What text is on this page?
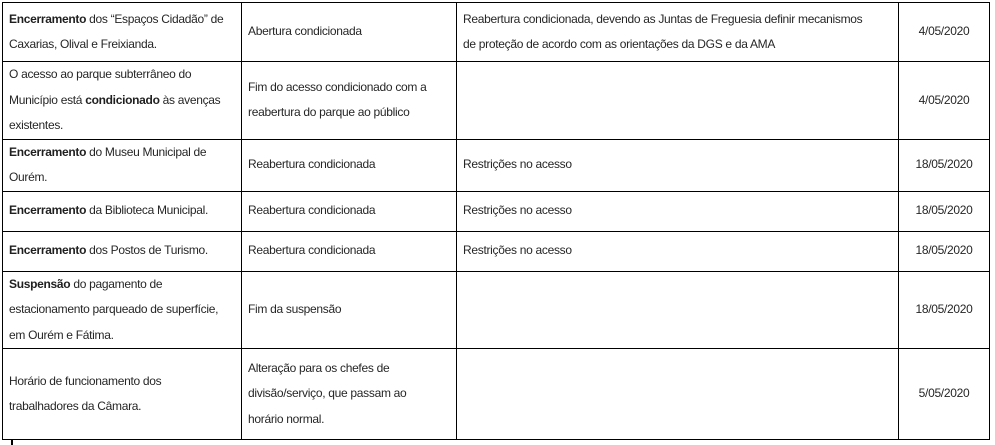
Encerramento dos “Espaços Cidadão” de
Caxarias, Olival e Freixianda.	Abertura condicionada	Reabertura condicionada, devendo as Juntas de Freguesia definir mecanismos
de proteção de acordo com as orientações da DGS e da AMA	4/05/2020

O acesso ao parque subterrâneo do
Município está condicionado às avenças
existentes.	Fim do acesso condicionado com a
reabertura do parque ao público		4/05/2020

Encerramento do Museu Municipal de
Ourém.	Reabertura condicionada	Restrições no acesso	18/05/2020

Encerramento da Biblioteca Municipal.	Reabertura condicionada	Restrições no acesso	18/05/2020

Encerramento dos Postos de Turismo.	Reabertura condicionada	Restrições no acesso	18/05/2020

Suspensão do pagamento de
estacionamento parqueado de superfície,
em Ourém e Fátima.	Fim da suspensão		18/05/2020

Horário de funcionamento dos
trabalhadores da Câmara.	Alteração para os chefes de
divisão/serviço, que passam ao
horário normal.		5/05/2020
